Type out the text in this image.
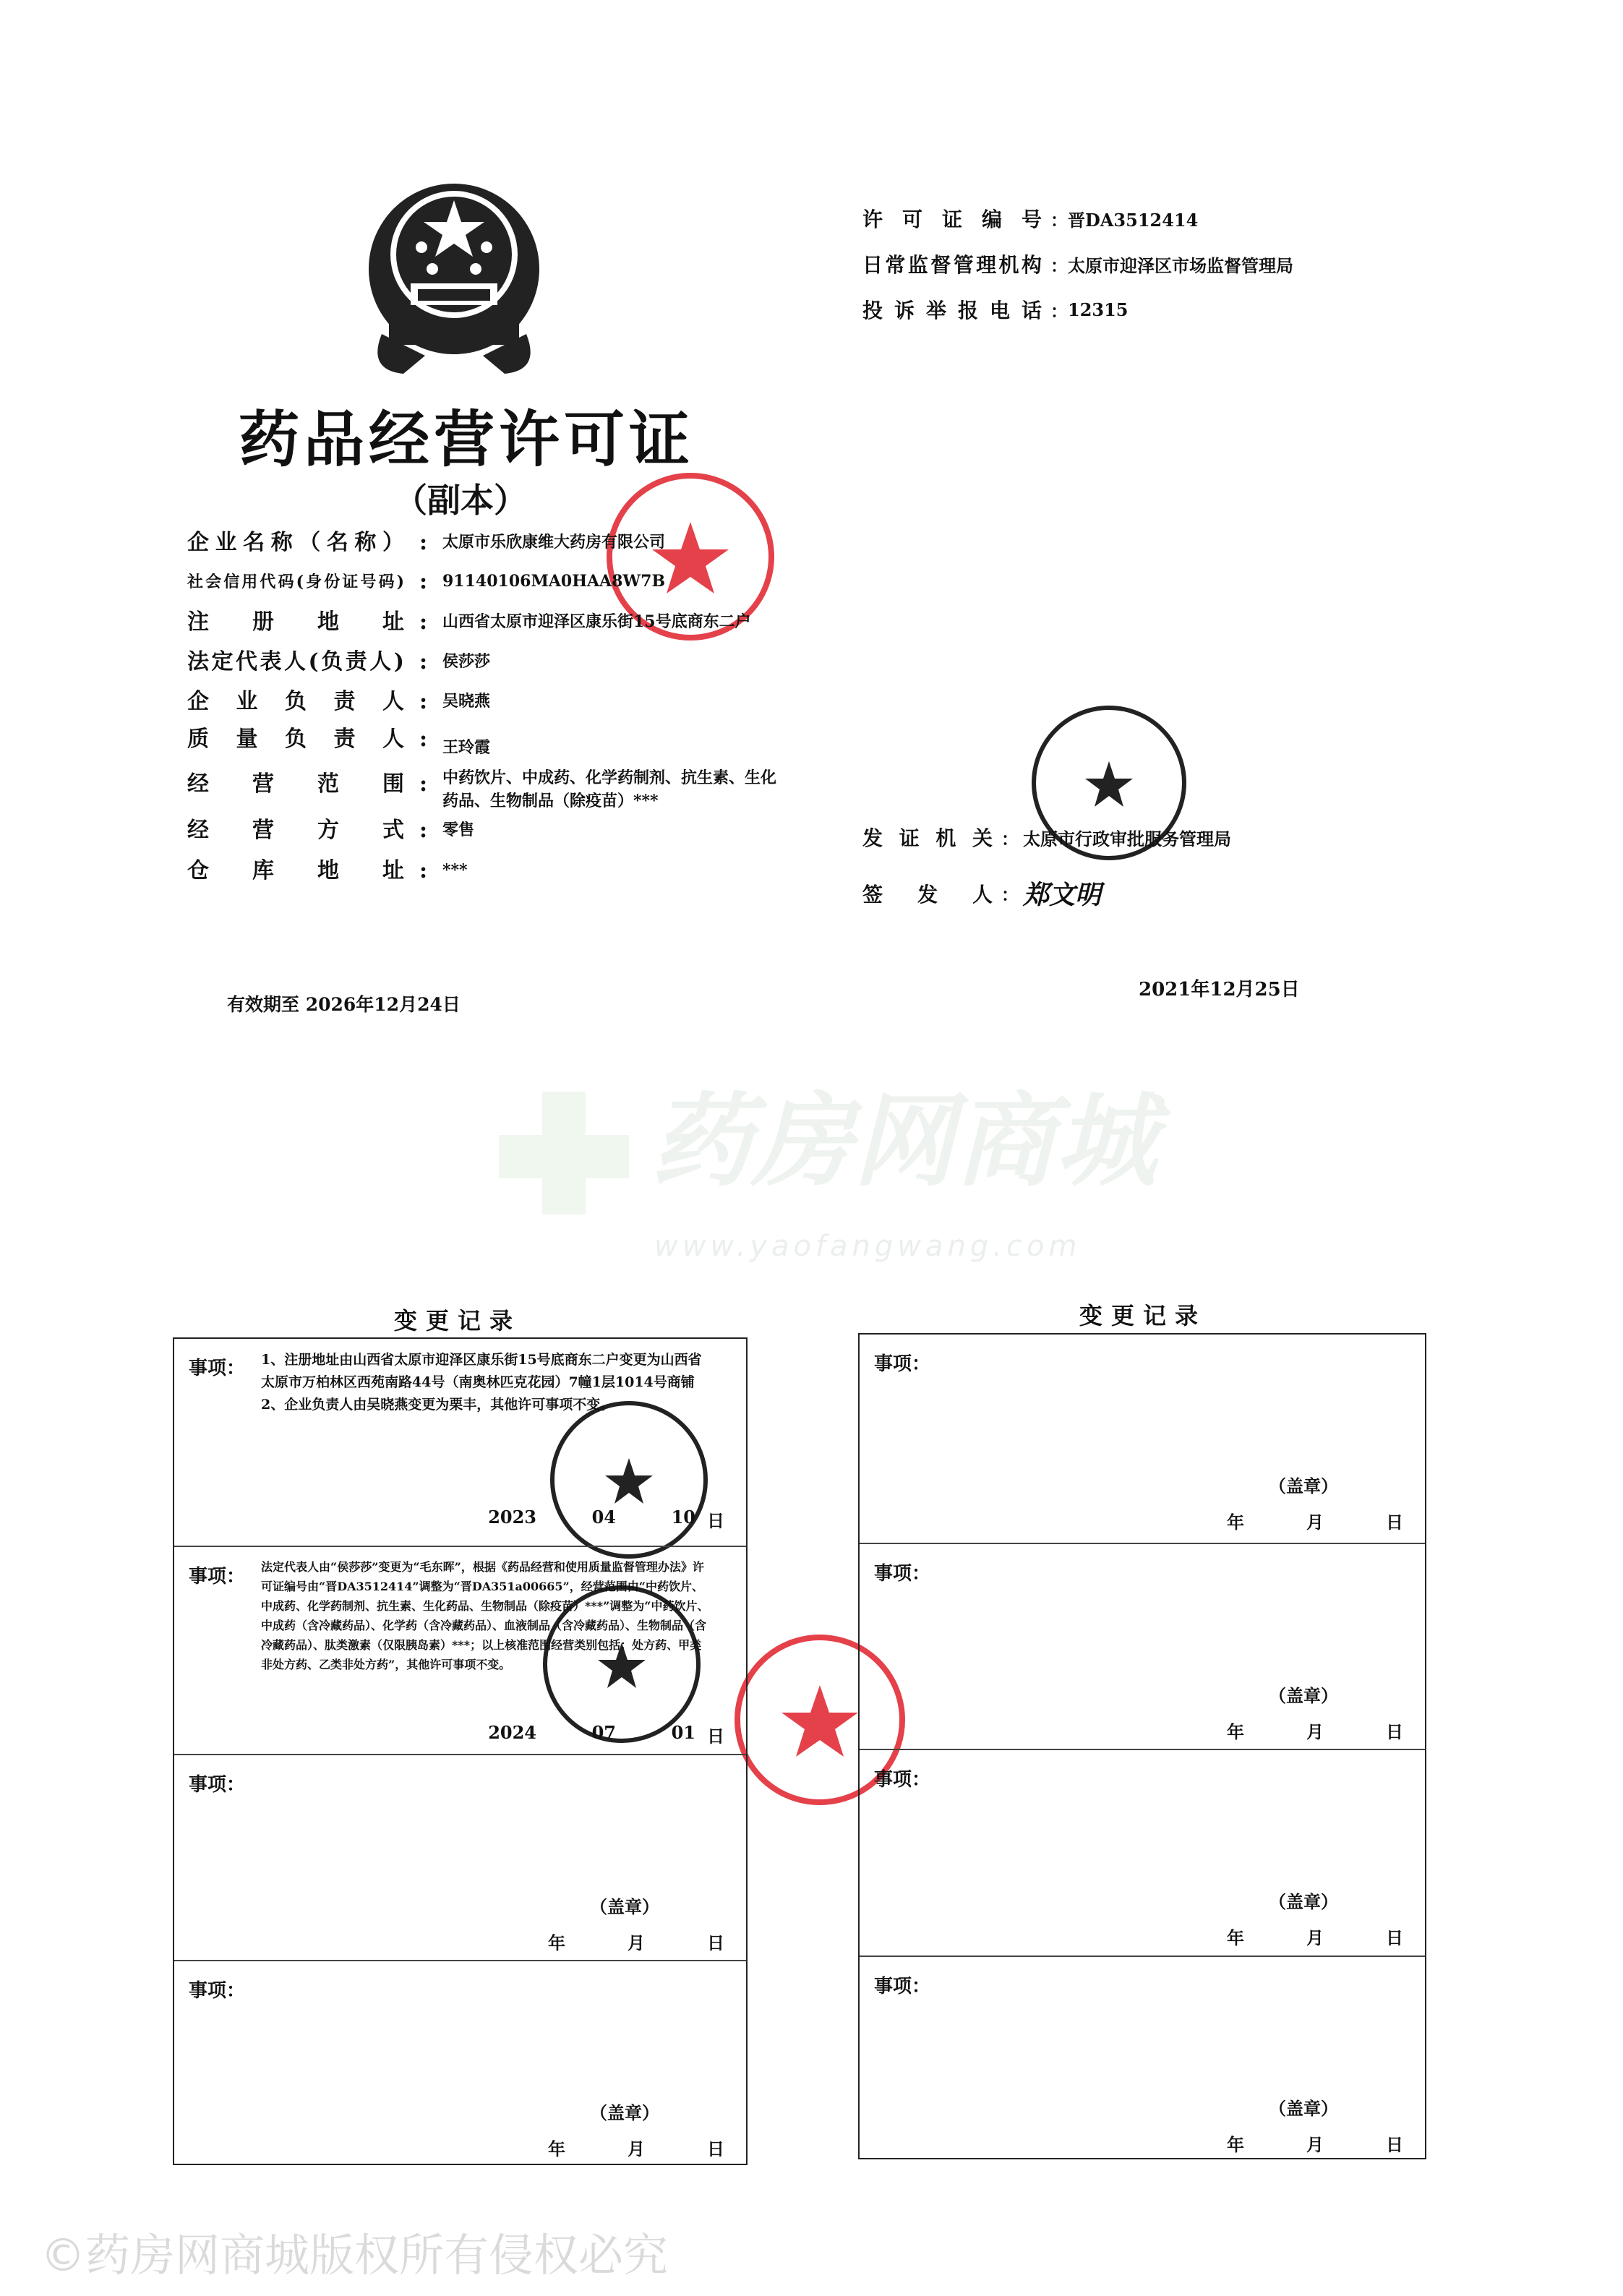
药品经营许可证
（副本）
企业名称（名称） : 太原市乐欣康维大药房有限公司
社会信用代码(身份证号码) : 91140106MA0HAA8W7B
注册地址 : 山西省太原市迎泽区康乐街15号底商东二户
法定代表人(负责人) : 侯莎莎
企业负责人 : 吴晓燕
质量负责人 : 王玲霞
经营范围 : 中药饮片、中成药、化学药制剂、抗生素、生化药品、生物制品（除疫苗）***
经营方式 : 零售
仓库地址 : ***
有效期至 2026年12月24日
许可证编号 ： 晋DA3512414
日常监督管理机构 ： 太原市迎泽区市场监督管理局
投诉举报电话 ： 12315
发证机关 ： 太原市行政审批服务管理局
签发人 ： 郑文明
2021年12月25日
药房网商城
www.yaofangwang.com
变更记录	变更记录
事项： 1、注册地址由山西省太原市迎泽区康乐街15号底商东二户变更为山西省太原市万柏林区西苑南路44号（南奥林匹克花园）7幢1层1014号商铺 2、企业负责人由吴晓燕变更为栗丰，其他许可事项不变。
2023	04	10 日
事项： 法定代表人由“侯莎莎”变更为“毛东晖”，根据《药品经营和使用质量监督管理办法》许可证编号由“晋DA3512414”调整为“晋DA351a00665”，经营范围由“中药饮片、中成药、化学药制剂、抗生素、生化药品、生物制品（除疫苗）***”调整为“中药饮片、中成药（含冷藏药品）、化学药（含冷藏药品）、血液制品（含冷藏药品）、生物制品（含冷藏药品）、肽类激素（仅限胰岛素）***；以上核准范围经营类别包括：处方药、甲类非处方药、乙类非处方药”，其他许可事项不变。
2024	07	01 日
事项：
（盖章）
年	月	日
事项：
（盖章）
年	月	日
事项：
（盖章）
年	月	日
事项：
（盖章）
年	月	日
事项：
（盖章）
年	月	日
事项：
（盖章）
年	月	日
©药房网商城版权所有侵权必究
